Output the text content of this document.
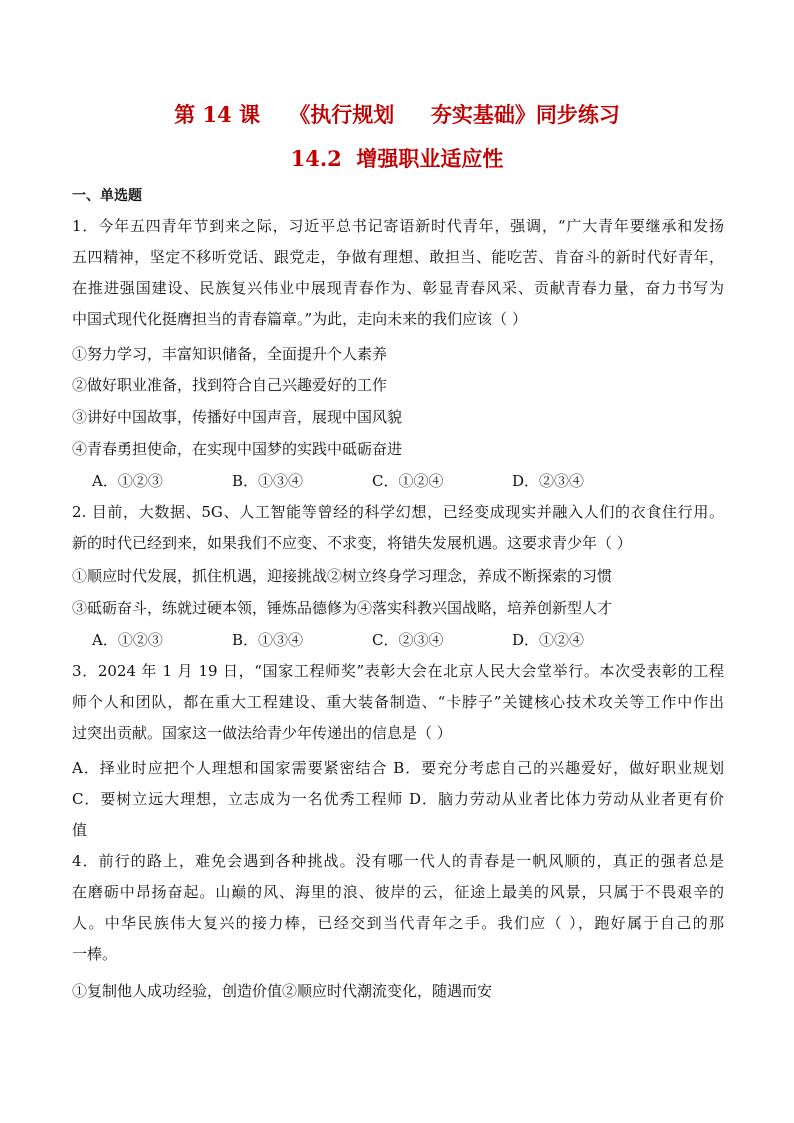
第 14 课    《执行规划     夯实基础》同步练习
14.2  增强职业适应性
一、单选题
1．今年五四青年节到来之际，习近平总书记寄语新时代青年，强调，“广大青年要继承和发扬
五四精神，坚定不移听党话、跟党走，争做有理想、敢担当、能吃苦、肯奋斗的新时代好青年，
在推进强国建设、民族复兴伟业中展现青春作为、彰显青春风采、贡献青春力量，奋力书写为
中国式现代化挺膺担当的青春篇章。”为此，走向未来的我们应该（ ）
①努力学习，丰富知识储备，全面提升个人素养
②做好职业准备，找到符合自己兴趣爱好的工作
③讲好中国故事，传播好中国声音，展现中国风貌
④青春勇担使命，在实现中国梦的实践中砥砺奋进
A．①②③	B．①③④	C．①②④	D．②③④
2. 目前，大数据、5G、人工智能等曾经的科学幻想，已经变成现实并融入人们的衣食住行用。
新的时代已经到来，如果我们不应变、不求变，将错失发展机遇。这要求青少年（ ）
①顺应时代发展，抓住机遇，迎接挑战②树立终身学习理念，养成不断探索的习惯
③砥砺奋斗，练就过硬本领，锤炼品德修为④落实科教兴国战略，培养创新型人才
A．①②③	B．①③④	C．②③④	D．①②④
3．2024 年 1 月 19 日，“国家工程师奖”表彰大会在北京人民大会堂举行。本次受表彰的工程
师个人和团队，都在重大工程建设、重大装备制造、“卡脖子”关键核心技术攻关等工作中作出
过突出贡献。国家这一做法给青少年传递出的信息是（ ）
A．择业时应把个人理想和国家需要紧密结合 B．要充分考虑自己的兴趣爱好，做好职业规划
C．要树立远大理想，立志成为一名优秀工程师 D．脑力劳动从业者比体力劳动从业者更有价
值
4．前行的路上，难免会遇到各种挑战。没有哪一代人的青春是一帆风顺的，真正的强者总是
在磨砺中昂扬奋起。山巅的风、海里的浪、彼岸的云，征途上最美的风景，只属于不畏艰辛的
人。中华民族伟大复兴的接力棒，已经交到当代青年之手。我们应（ ），跑好属于自己的那
一棒。
①复制他人成功经验，创造价值②顺应时代潮流变化，随遇而安
